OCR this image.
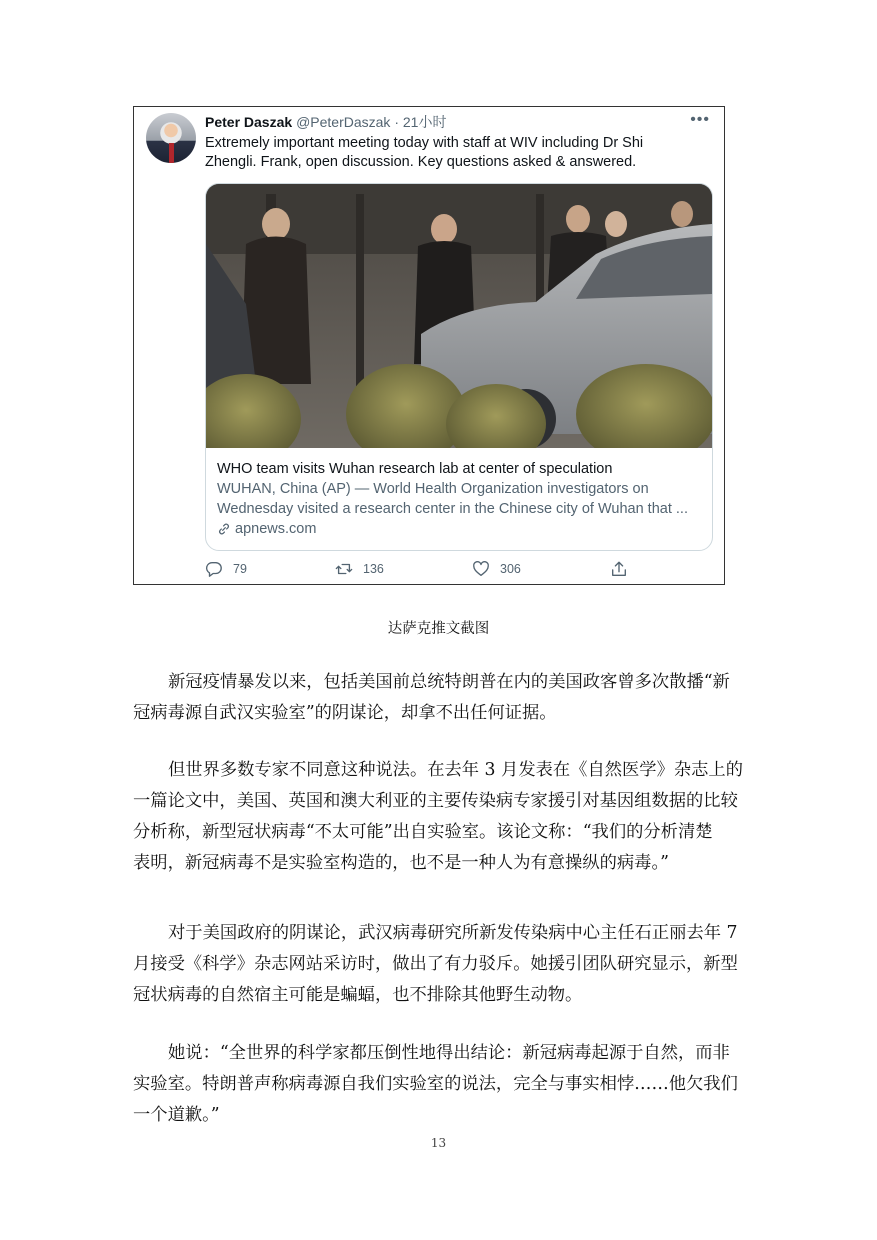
Peter Daszak @PeterDaszak · 21小时	•••
Extremely important meeting today with staff at WIV including Dr Shi Zhengli. Frank, open discussion. Key questions asked & answered.
WHO team visits Wuhan research lab at center of speculation
WUHAN, China (AP) — World Health Organization investigators on Wednesday visited a research center in the Chinese city of Wuhan that ...
apnews.com
79	136	306
达萨克推文截图
新冠疫情暴发以来，包括美国前总统特朗普在内的美国政客曾多次散播“新
冠病毒源自武汉实验室”的阴谋论，却拿不出任何证据。
但世界多数专家不同意这种说法。在去年 3 月发表在《自然医学》杂志上的
一篇论文中，美国、英国和澳大利亚的主要传染病专家援引对基因组数据的比较
分析称，新型冠状病毒“不太可能”出自实验室。该论文称：“我们的分析清楚
表明，新冠病毒不是实验室构造的，也不是一种人为有意操纵的病毒。”
对于美国政府的阴谋论，武汉病毒研究所新发传染病中心主任石正丽去年 7
月接受《科学》杂志网站采访时，做出了有力驳斥。她援引团队研究显示，新型
冠状病毒的自然宿主可能是蝙蝠，也不排除其他野生动物。
她说：“全世界的科学家都压倒性地得出结论：新冠病毒起源于自然，而非
实验室。特朗普声称病毒源自我们实验室的说法，完全与事实相悖……他欠我们
一个道歉。”
13
